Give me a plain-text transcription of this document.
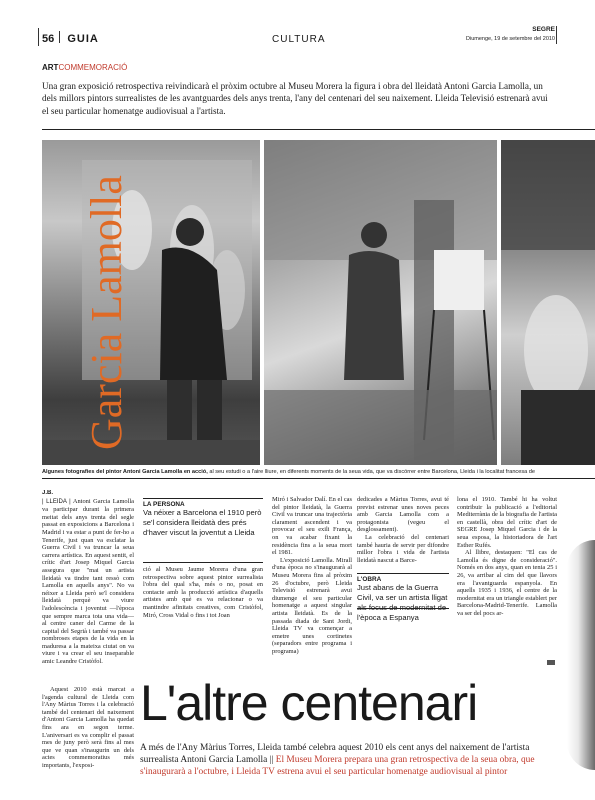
56 GUIA	CULTURA
SEGRE
Diumenge, 19 de setembre del 2010
ARTCOMMEMORACIÓ
Una gran exposició retrospectiva reivindicarà el pròxim octubre al Museu Morera la figura i obra del lleidatà Antoni Garcia Lamolla, un dels millors pintors surrealistes de les avantguardes dels anys trenta, l'any del centenari del seu naixement. Lleida Televisió estrenarà avui el seu particular homenatge audiovisual a l'artista.
Garcia Lamolla
Algunes fotografies del pintor Antoni Garcia Lamolla en acció, al seu estudi o a l'aire lliure, en diferents moments de la seua vida, que va discórrer entre Barcelona, Lleida i la localitat francesa de
J.B.
| LLEIDA | Antoni Garcia Lamolla va participar durant la primera meitat dels anys trenta del segle passat en exposicions a Barcelona i Madrid i va estar a punt de fer-ho a Tenerife, just quan va esclatar la Guerra Civil i va truncar la seua carrera artística. En aquest sentit, el crític d'art Josep Miquel Garcia assegura que "mai un artista lleidatà va tindre tant ressò com Lamolla en aquells anys". No va néixer a Lleida però se'l considera lleidatà perquè va viure l'adolescència i joventut —l'època que sempre marca tota una vida— al centre caner del Carme de la capital del Segrià i també va passar nombroses etapes de la vida en la maduresa a la mateixa ciutat on va viure i va crear el seu inseparable amic Leandre Cristòfol.
Aquest 2010 està marcat a l'agenda cultural de Lleida com l'Any Màrius Torres i la celebració també del centenari del naixement d'Antoni Garcia Lamolla ha quedat fins ara en segon terme. L'aniversari es va complir el passat mes de juny però serà fins al mes que ve quan s'inaugurin un dels actes commemoratius més importants, l'exposi-
LA PERSONA
Va néixer a Barcelona el 1910 però se'l considera lleidatà des prés d'haver viscut la joventut a Lleida
ció al Museu Jaume Morera d'una gran retrospectiva sobre aquest pintor surrealista l'obra del qual s'ha, més o no, posat en contacte amb la producció artística d'aquells artistes amb què es va relacionar o va mantindre afinitats creatives, com Cristòfol, Miró, Cross Vidal o fins i tot Joan
Miró i Salvador Dalí. En el cas del pintor lleidatà, la Guerra Civil va truncar una trajectòria clarament ascendent i va provocar el seu exili França, on va acabar fixant la residència fins a la seua mort el 1981.
L'exposició Lamolla. Mirall d'una època no s'inaugurarà al Museu Morera fins al pròxim 26 d'octubre, però Lleida Televisió estrenarà avui diumenge el seu particular homenatge a aquest singular artista lleidatà. Es de la passada diada de Sant Jordi, Lleida TV va començar a emetre unes cortinetes (separadors entre programa i programa)
dedicades a Màrius Torres, avui té previst estrenar unes noves peces amb Garcia Lamolla com a protagonista (vegeu el desglossament).
La celebració del centenari també hauria de servir per difondre millor l'obra i vida de l'artista lleidatà nascut a Barce-
L'OBRA
Just abans de la Guerra Civil, va ser un artista lligat l'època a Espanya
lona el 1910. També hi ha voltut contribuir la publicació a l'editorial Mediterrània de la biografia de l'artista en castellà, obra del crític d'art de SEGRE Josep Miquel Garcia i de la seua esposa, la historiadora de l'art Esther Rufés.
Al llibre, destaquen: "El cas de Lamolla és digne de consideració". Només en dos anys, quan en tenia 25 i 26, va arribar al cim del que llavors era l'avantguarda espanyola. En aquells 1935 i 1936, el centre de la modernitat era un triangle establert per Barcelona-Madrid-Tenerife. Lamolla va ser del pocs ar-
L'altre centenari
A més de l'Any Màrius Torres, Lleida també celebra aquest 2010 els cent anys del naixement de l'artista surrealista Antoni Garcia Lamolla || El Museu Morera prepara una gran retrospectiva de la seua obra, que s'inaugurarà a l'octubre, i Lleida TV estrena avui el seu particular homenatge audiovisual al pintor
